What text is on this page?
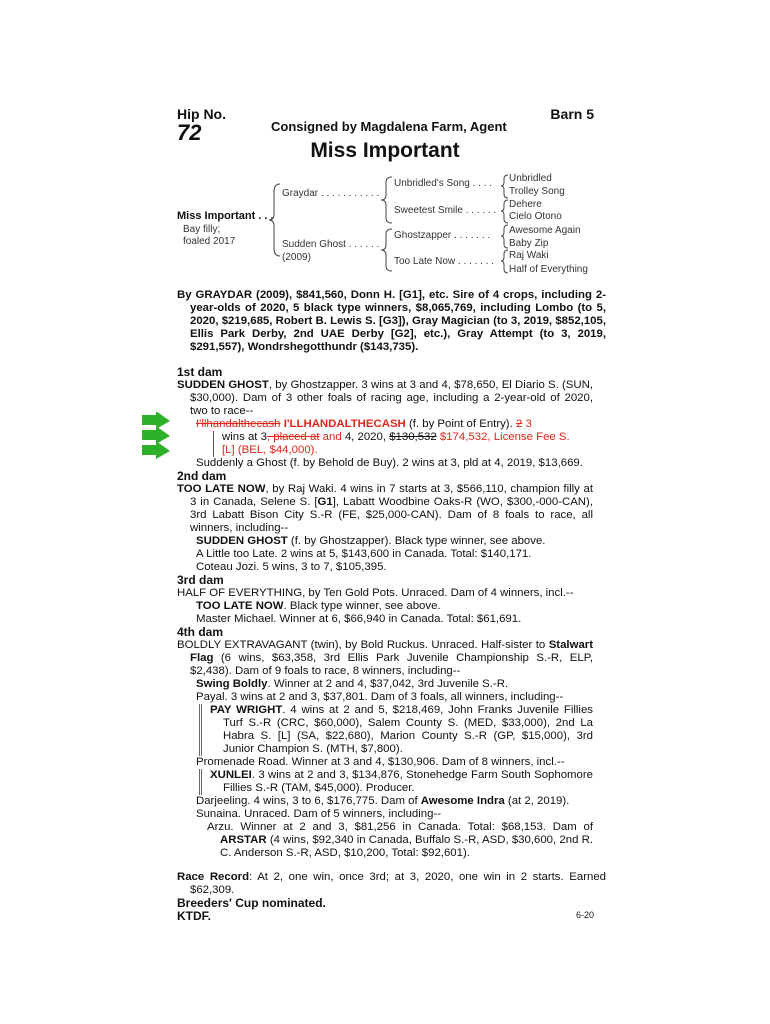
Hip No.
72
Barn 5
Consigned by Magdalena Farm, Agent
Miss Important
Miss Important . . .
Bay filly;
foaled 2017
Graydar . . . . . . . . . . .
Sudden Ghost . . . . . .
(2009)
Unbridled's Song . . . .
Sweetest Smile . . . . . .
Ghostzapper . . . . . . .
Too Late Now . . . . . . .
Unbridled
Trolley Song
Dehere
Cielo Otono
Awesome Again
Baby Zip
Raj Waki
Half of Everything
By GRAYDAR (2009), $841,560, Donn H. [G1], etc. Sire of 4 crops, including 2-year-olds of 2020, 5 black type winners, $8,065,769, including Lombo (to 5, 2020, $219,685, Robert B. Lewis S. [G3]), Gray Magician (to 3, 2019, $852,105, Ellis Park Derby, 2nd UAE Derby [G2], etc.), Gray Attempt (to 3, 2019, $291,557), Wondrshegotthundr ($143,735).

1st dam

SUDDEN GHOST, by Ghostzapper. 3 wins at 3 and 4, $78,650, El Diario S. (SUN, $30,000). Dam of 3 other foals of racing age, including a 2-year-old of 2020, two to race--

I'llhandalthecash I'LLHANDALTHECASH (f. by Point of Entry). 2 3
wins at 3, placed at and 4, 2020, $130,532 $174,532, License Fee S.
[L] (BEL, $44,000).

Suddenly a Ghost (f. by Behold de Buy). 2 wins at 3, pld at 4, 2019, $13,669.

2nd dam

TOO LATE NOW, by Raj Waki. 4 wins in 7 starts at 3, $566,110, champion filly at 3 in Canada, Selene S. [G1], Labatt Woodbine Oaks-R (WO, $300,-000-CAN), 3rd Labatt Bison City S.-R (FE, $25,000-CAN). Dam of 8 foals to race, all winners, including--

SUDDEN GHOST (f. by Ghostzapper). Black type winner, see above.

A Little too Late. 2 wins at 5, $143,600 in Canada. Total: $140,171.

Coteau Jozi. 5 wins, 3 to 7, $105,395.

3rd dam

HALF OF EVERYTHING, by Ten Gold Pots. Unraced. Dam of 4 winners, incl.--

TOO LATE NOW. Black type winner, see above.

Master Michael. Winner at 6, $66,940 in Canada. Total: $61,691.

4th dam

BOLDLY EXTRAVAGANT (twin), by Bold Ruckus. Unraced. Half-sister to Stalwart Flag (6 wins, $63,358, 3rd Ellis Park Juvenile Championship S.-R, ELP, $2,438). Dam of 9 foals to race, 8 winners, including--

Swing Boldly. Winner at 2 and 4, $37,042, 3rd Juvenile S.-R.

Payal. 3 wins at 2 and 3, $37,801. Dam of 3 foals, all winners, including--

PAY WRIGHT. 4 wins at 2 and 5, $218,469, John Franks Juvenile Fillies Turf S.-R (CRC, $60,000), Salem County S. (MED, $33,000), 2nd La Habra S. [L] (SA, $22,680), Marion County S.-R (GP, $15,000), 3rd Junior Champion S. (MTH, $7,800).

Promenade Road. Winner at 3 and 4, $130,906. Dam of 8 winners, incl.--

XUNLEI. 3 wins at 2 and 3, $134,876, Stonehedge Farm South Sophomore Fillies S.-R (TAM, $45,000). Producer.

Darjeeling. 4 wins, 3 to 6, $176,775. Dam of Awesome Indra (at 2, 2019).

Sunaina. Unraced. Dam of 5 winners, including--

Arzu. Winner at 2 and 3, $81,256 in Canada. Total: $68,153. Dam of ARSTAR (4 wins, $92,340 in Canada, Buffalo S.-R, ASD, $30,600, 2nd R. C. Anderson S.-R, ASD, $10,200, Total: $92,601).

Race Record: At 2, one win, once 3rd; at 3, 2020, one win in 2 starts. Earned $62,309.
Breeders' Cup nominated.
KTDF.	6-20
